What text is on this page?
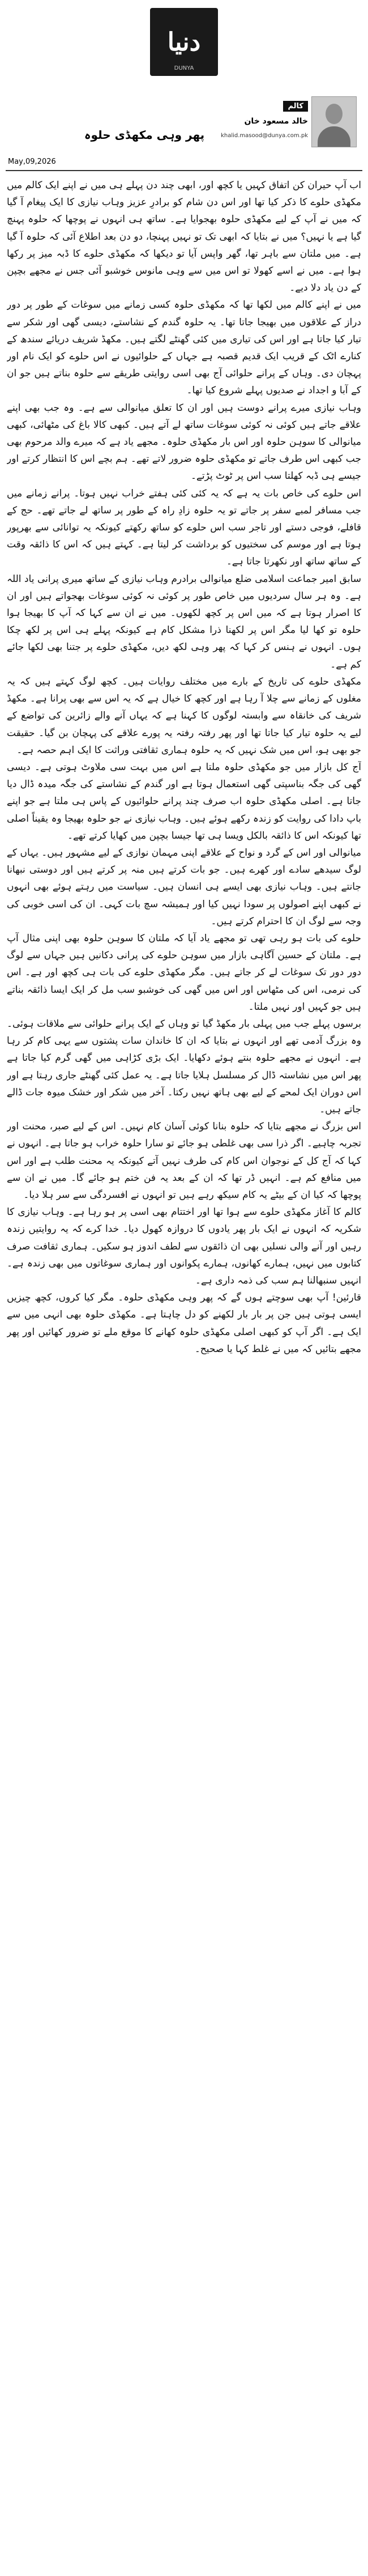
دنیا
DUNYA
کالم
خالد مسعود خان
khalid.masood@dunya.com.pk
پھر وہی مکھڈی حلوہ
May,09,2026

اب آپ حیران کن اتفاق کہیں یا کچھ اور، ابھی چند دن پہلے ہی میں نے اپنے ایک کالم میں مکھڈی حلوے کا ذکر کیا تھا اور اس دن شام کو برادرِ عزیز وہاب نیازی کا ایک پیغام آ گیا کہ میں نے آپ کے لیے مکھڈی حلوہ بھجوایا ہے۔ ساتھ ہی انہوں نے پوچھا کہ حلوہ پہنچ گیا ہے یا نہیں؟ میں نے بتایا کہ ابھی تک تو نہیں پہنچا، دو دن بعد اطلاع آئی کہ حلوہ آ گیا ہے۔ میں ملتان سے باہر تھا، گھر واپس آیا تو دیکھا کہ مکھڈی حلوے کا ڈبہ میز پر رکھا ہوا ہے۔ میں نے اسے کھولا تو اس میں سے وہی مانوس خوشبو آئی جس نے مجھے بچپن کے دن یاد دلا دیے۔

میں نے اپنے کالم میں لکھا تھا کہ مکھڈی حلوہ کسی زمانے میں سوغات کے طور پر دور دراز کے علاقوں میں بھیجا جاتا تھا۔ یہ حلوہ گندم کے نشاستے، دیسی گھی اور شکر سے تیار کیا جاتا ہے اور اس کی تیاری میں کئی گھنٹے لگتے ہیں۔ مکھڈ شریف دریائے سندھ کے کنارے اٹک کے قریب ایک قدیم قصبہ ہے جہاں کے حلوائیوں نے اس حلوے کو ایک نام اور پہچان دی۔ وہاں کے پرانے حلوائی آج بھی اسی روایتی طریقے سے حلوہ بناتے ہیں جو ان کے آبا و اجداد نے صدیوں پہلے شروع کیا تھا۔

وہاب نیازی میرے پرانے دوست ہیں اور ان کا تعلق میانوالی سے ہے۔ وہ جب بھی اپنے علاقے جاتے ہیں کوئی نہ کوئی سوغات ساتھ لے آتے ہیں۔ کبھی کالا باغ کی مٹھائی، کبھی میانوالی کا سوہن حلوہ اور اس بار مکھڈی حلوہ۔ مجھے یاد ہے کہ میرے والد مرحوم بھی جب کبھی اس طرف جاتے تو مکھڈی حلوہ ضرور لاتے تھے۔ ہم بچے اس کا انتظار کرتے اور جیسے ہی ڈبہ کھلتا سب اس پر ٹوٹ پڑتے۔

اس حلوے کی خاص بات یہ ہے کہ یہ کئی کئی ہفتے خراب نہیں ہوتا۔ پرانے زمانے میں جب مسافر لمبے سفر پر جاتے تو یہ حلوہ زادِ راہ کے طور پر ساتھ لے جاتے تھے۔ حج کے قافلے، فوجی دستے اور تاجر سب اس حلوے کو ساتھ رکھتے کیونکہ یہ توانائی سے بھرپور ہوتا ہے اور موسم کی سختیوں کو برداشت کر لیتا ہے۔ کہتے ہیں کہ اس کا ذائقہ وقت کے ساتھ ساتھ اور نکھرتا جاتا ہے۔

سابق امیر جماعت اسلامی ضلع میانوالی برادرم وہاب نیازی کے ساتھ میری پرانی یاد اللہ ہے۔ وہ ہر سال سردیوں میں خاص طور پر کوئی نہ کوئی سوغات بھجواتے ہیں اور ان کا اصرار ہوتا ہے کہ میں اس پر کچھ لکھوں۔ میں نے ان سے کہا کہ آپ کا بھیجا ہوا حلوہ تو کھا لیا مگر اس پر لکھنا ذرا مشکل کام ہے کیونکہ پہلے ہی اس پر لکھ چکا ہوں۔ انہوں نے ہنس کر کہا کہ پھر وہی لکھ دیں، مکھڈی حلوے پر جتنا بھی لکھا جائے کم ہے۔

مکھڈی حلوے کی تاریخ کے بارے میں مختلف روایات ہیں۔ کچھ لوگ کہتے ہیں کہ یہ مغلوں کے زمانے سے چلا آ رہا ہے اور کچھ کا خیال ہے کہ یہ اس سے بھی پرانا ہے۔ مکھڈ شریف کی خانقاہ سے وابستہ لوگوں کا کہنا ہے کہ یہاں آنے والے زائرین کی تواضع کے لیے یہ حلوہ تیار کیا جاتا تھا اور پھر رفتہ رفتہ یہ پورے علاقے کی پہچان بن گیا۔ حقیقت جو بھی ہو، اس میں شک نہیں کہ یہ حلوہ ہماری ثقافتی وراثت کا ایک اہم حصہ ہے۔

آج کل بازار میں جو مکھڈی حلوہ ملتا ہے اس میں بہت سی ملاوٹ ہوتی ہے۔ دیسی گھی کی جگہ بناسپتی گھی استعمال ہوتا ہے اور گندم کے نشاستے کی جگہ میدہ ڈال دیا جاتا ہے۔ اصلی مکھڈی حلوہ اب صرف چند پرانے حلوائیوں کے پاس ہی ملتا ہے جو اپنے باپ دادا کی روایت کو زندہ رکھے ہوئے ہیں۔ وہاب نیازی نے جو حلوہ بھیجا وہ یقیناً اصلی تھا کیونکہ اس کا ذائقہ بالکل ویسا ہی تھا جیسا بچپن میں کھایا کرتے تھے۔

میانوالی اور اس کے گرد و نواح کے علاقے اپنی مہمان نوازی کے لیے مشہور ہیں۔ یہاں کے لوگ سیدھے سادے اور کھرے ہیں۔ جو بات کرتے ہیں منہ پر کرتے ہیں اور دوستی نبھانا جانتے ہیں۔ وہاب نیازی بھی ایسے ہی انسان ہیں۔ سیاست میں رہتے ہوئے بھی انہوں نے کبھی اپنے اصولوں پر سودا نہیں کیا اور ہمیشہ سچ بات کہی۔ ان کی اسی خوبی کی وجہ سے لوگ ان کا احترام کرتے ہیں۔

حلوے کی بات ہو رہی تھی تو مجھے یاد آیا کہ ملتان کا سوہن حلوہ بھی اپنی مثال آپ ہے۔ ملتان کے حسین آگاہی بازار میں سوہن حلوے کی پرانی دکانیں ہیں جہاں سے لوگ دور دور تک سوغات لے کر جاتے ہیں۔ مگر مکھڈی حلوے کی بات ہی کچھ اور ہے۔ اس کی نرمی، اس کی مٹھاس اور اس میں گھی کی خوشبو سب مل کر ایک ایسا ذائقہ بناتے ہیں جو کہیں اور نہیں ملتا۔

برسوں پہلے جب میں پہلی بار مکھڈ گیا تو وہاں کے ایک پرانے حلوائی سے ملاقات ہوئی۔ وہ بزرگ آدمی تھے اور انہوں نے بتایا کہ ان کا خاندان سات پشتوں سے یہی کام کر رہا ہے۔ انہوں نے مجھے حلوہ بنتے ہوئے دکھایا۔ ایک بڑی کڑاہی میں گھی گرم کیا جاتا ہے پھر اس میں نشاستہ ڈال کر مسلسل ہلایا جاتا ہے۔ یہ عمل کئی گھنٹے جاری رہتا ہے اور اس دوران ایک لمحے کے لیے بھی ہاتھ نہیں رکتا۔ آخر میں شکر اور خشک میوہ جات ڈالے جاتے ہیں۔

اس بزرگ نے مجھے بتایا کہ حلوہ بنانا کوئی آسان کام نہیں۔ اس کے لیے صبر، محنت اور تجربہ چاہیے۔ اگر ذرا سی بھی غلطی ہو جائے تو سارا حلوہ خراب ہو جاتا ہے۔ انہوں نے کہا کہ آج کل کے نوجوان اس کام کی طرف نہیں آتے کیونکہ یہ محنت طلب ہے اور اس میں منافع کم ہے۔ انہیں ڈر تھا کہ ان کے بعد یہ فن ختم ہو جائے گا۔ میں نے ان سے پوچھا کہ کیا ان کے بیٹے یہ کام سیکھ رہے ہیں تو انہوں نے افسردگی سے سر ہلا دیا۔

کالم کا آغاز مکھڈی حلوے سے ہوا تھا اور اختتام بھی اسی پر ہو رہا ہے۔ وہاب نیازی کا شکریہ کہ انہوں نے ایک بار پھر یادوں کا دروازہ کھول دیا۔ خدا کرے کہ یہ روایتیں زندہ رہیں اور آنے والی نسلیں بھی ان ذائقوں سے لطف اندوز ہو سکیں۔ ہماری ثقافت صرف کتابوں میں نہیں، ہمارے کھانوں، ہمارے پکوانوں اور ہماری سوغاتوں میں بھی زندہ ہے۔ انہیں سنبھالنا ہم سب کی ذمہ داری ہے۔

قارئین! آپ بھی سوچتے ہوں گے کہ پھر وہی مکھڈی حلوہ۔ مگر کیا کروں، کچھ چیزیں ایسی ہوتی ہیں جن پر بار بار لکھنے کو دل چاہتا ہے۔ مکھڈی حلوہ بھی انہی میں سے ایک ہے۔ اگر آپ کو کبھی اصلی مکھڈی حلوہ کھانے کا موقع ملے تو ضرور کھائیں اور پھر مجھے بتائیں کہ میں نے غلط کہا یا صحیح۔
